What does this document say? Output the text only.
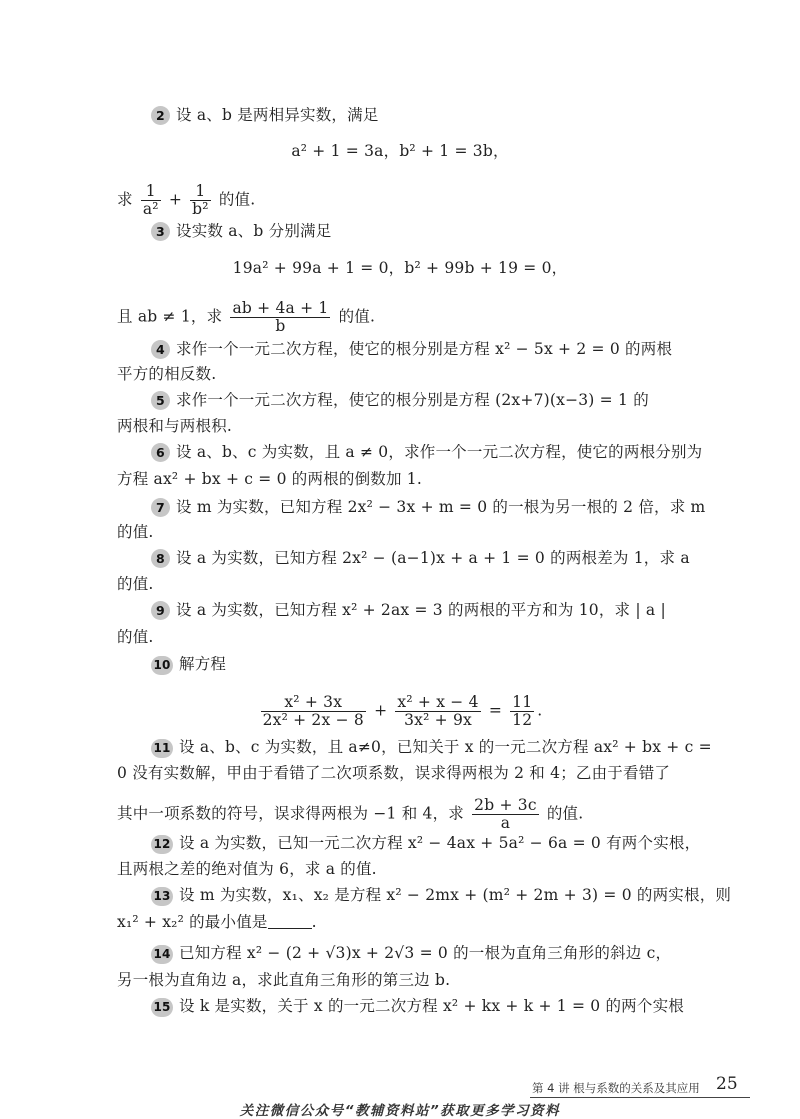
2 设 a、b 是两相异实数，满足
a² + 1 = 3a，b² + 1 = 3b，
求 $\frac{1}{\text{a²}} + \frac{1}{\text{b²}}$ 的值.
3 设实数 a、b 分别满足
19a² + 99a + 1 = 0，b² + 99b + 19 = 0，
且 ab ≠ 1，求 $\frac{ab + 4a + 1}{b}$ 的值.
4 求作一个一元二次方程，使它的根分别是方程 x² − 5x + 2 = 0 的两根
平方的相反数.
5 求作一个一元二次方程，使它的根分别是方程 (2x+7)(x−3) = 1 的
两根和与两根积.
6 设 a、b、c 为实数，且 a ≠ 0，求作一个一元二次方程，使它的两根分别为
方程 ax² + bx + c = 0 的两根的倒数加 1.
7 设 m 为实数，已知方程 2x² − 3x + m = 0 的一根为另一根的 2 倍，求 m
的值.
8 设 a 为实数，已知方程 2x² − (a−1)x + a + 1 = 0 的两根差为 1，求 a
的值.
9 设 a 为实数，已知方程 x² + 2ax = 3 的两根的平方和为 10，求 | a |
的值.
10 解方程
$\frac{\text{x² + 3x}}{\text{2x² + 2x − 8}} + \frac{\text{x² + x − 4}}{\text{3x² + 9x}} = \frac{11}{12}$ .
11 设 a、b、c 为实数，且 a≠0，已知关于 x 的一元二次方程 ax² + bx + c =
0 没有实数解，甲由于看错了二次项系数，误求得两根为 2 和 4；乙由于看错了
其中一项系数的符号，误求得两根为 −1 和 4，求 $\frac{2b + 3c}{a}$ 的值.
12 设 a 为实数，已知一元二次方程 x² − 4ax + 5a² − 6a = 0 有两个实根，
且两根之差的绝对值为 6，求 a 的值.
13 设 m 为实数，x₁、x₂ 是方程 x² − 2mx + (m² + 2m + 3) = 0 的两实根，则
x₁² + x₂² 的最小值是	.
14 已知方程 x² − (2 + √3)x + 2√3 = 0 的一根为直角三角形的斜边 c，
另一根为直角边 a，求此直角三角形的第三边 b.
15 设 k 是实数，关于 x 的一元二次方程 x² + kx + k + 1 = 0 的两个实根
第 4 讲 根与系数的关系及其应用 25
关注微信公众号“教辅资料站”获取更多学习资料
